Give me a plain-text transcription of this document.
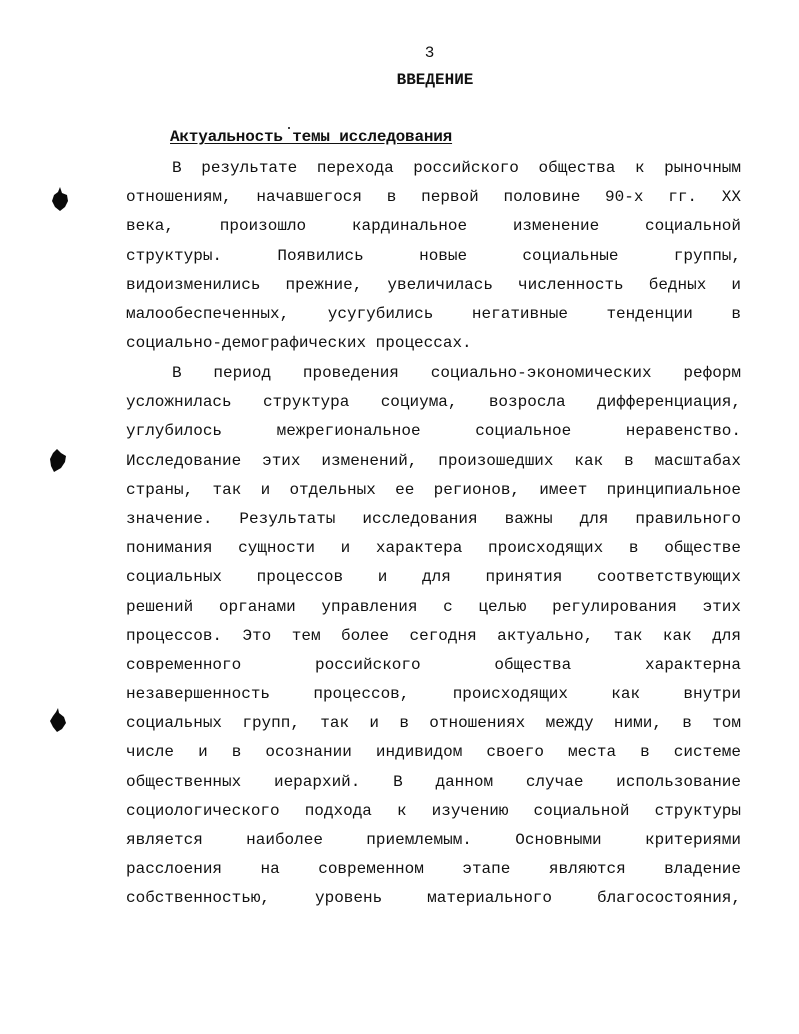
3
ВВЕДЕНИЕ
Актуальность темы исследования
В результате перехода российского общества к рыночным
отношениям, начавшегося в первой половине 90-х гг. XX
века, произошло кардинальное изменение социальной
структуры. Появились новые социальные группы,
видоизменились прежние, увеличилась численность бедных и
малообеспеченных, усугубились негативные тенденции в
социально-демографических процессах.
В период проведения социально-экономических реформ
усложнилась структура социума, возросла дифференциация,
углубилось межрегиональное социальное неравенство.
Исследование этих изменений, произошедших как в масштабах
страны, так и отдельных ее регионов, имеет принципиальное
значение. Результаты исследования важны для правильного
понимания сущности и характера происходящих в обществе
социальных процессов и для принятия соответствующих
решений органами управления с целью регулирования этих
процессов. Это тем более сегодня актуально, так как для
современного российского общества характерна
незавершенность процессов, происходящих как внутри
социальных групп, так и в отношениях между ними, в том
числе и в осознании индивидом своего места в системе
общественных иерархий. В данном случае использование
социологического подхода к изучению социальной структуры
является наиболее приемлемым. Основными критериями
расслоения на современном этапе являются владение
собственностью, уровень материального благосостояния,
